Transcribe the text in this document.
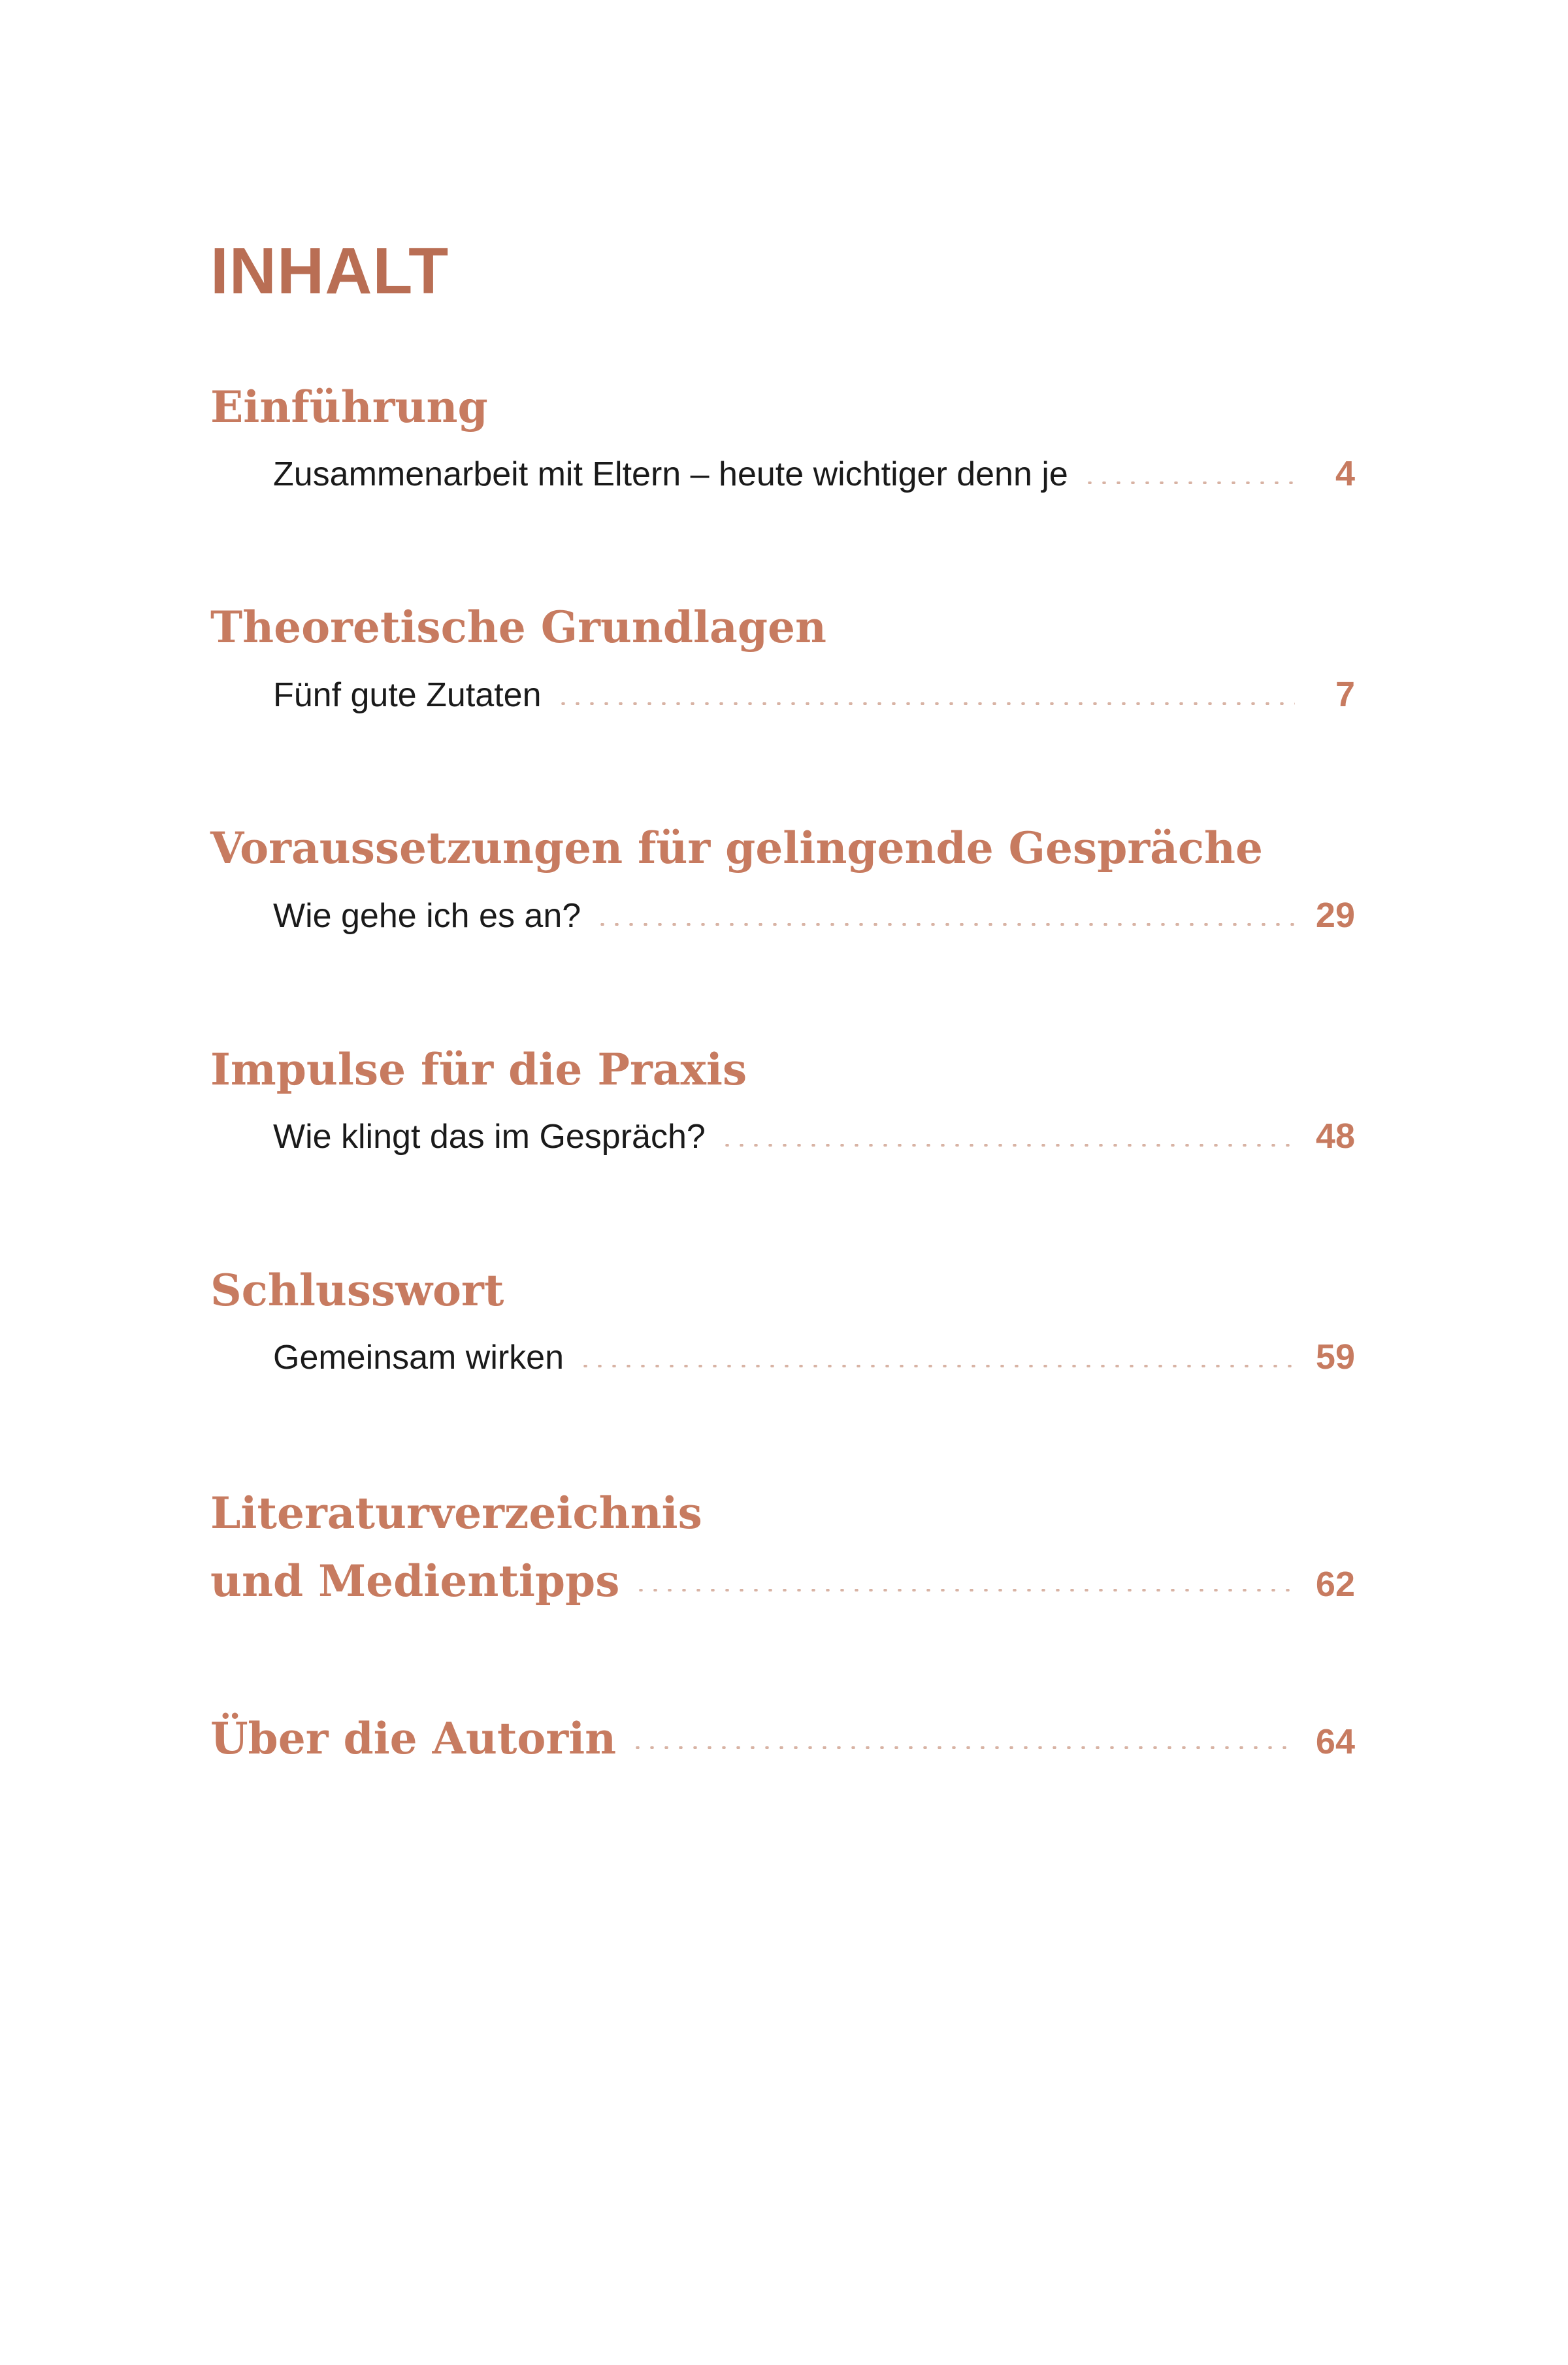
INHALT
Einführung
Zusammenarbeit mit Eltern – heute wichtiger denn je	4
Theoretische Grundlagen
Fünf gute Zutaten	7
Voraussetzungen für gelingende Gespräche
Wie gehe ich es an?	29
Impulse für die Praxis
Wie klingt das im Gespräch?	48
Schlusswort
Gemeinsam wirken	59
Literaturverzeichnis
und Medientipps	62
Über die Autorin	64
